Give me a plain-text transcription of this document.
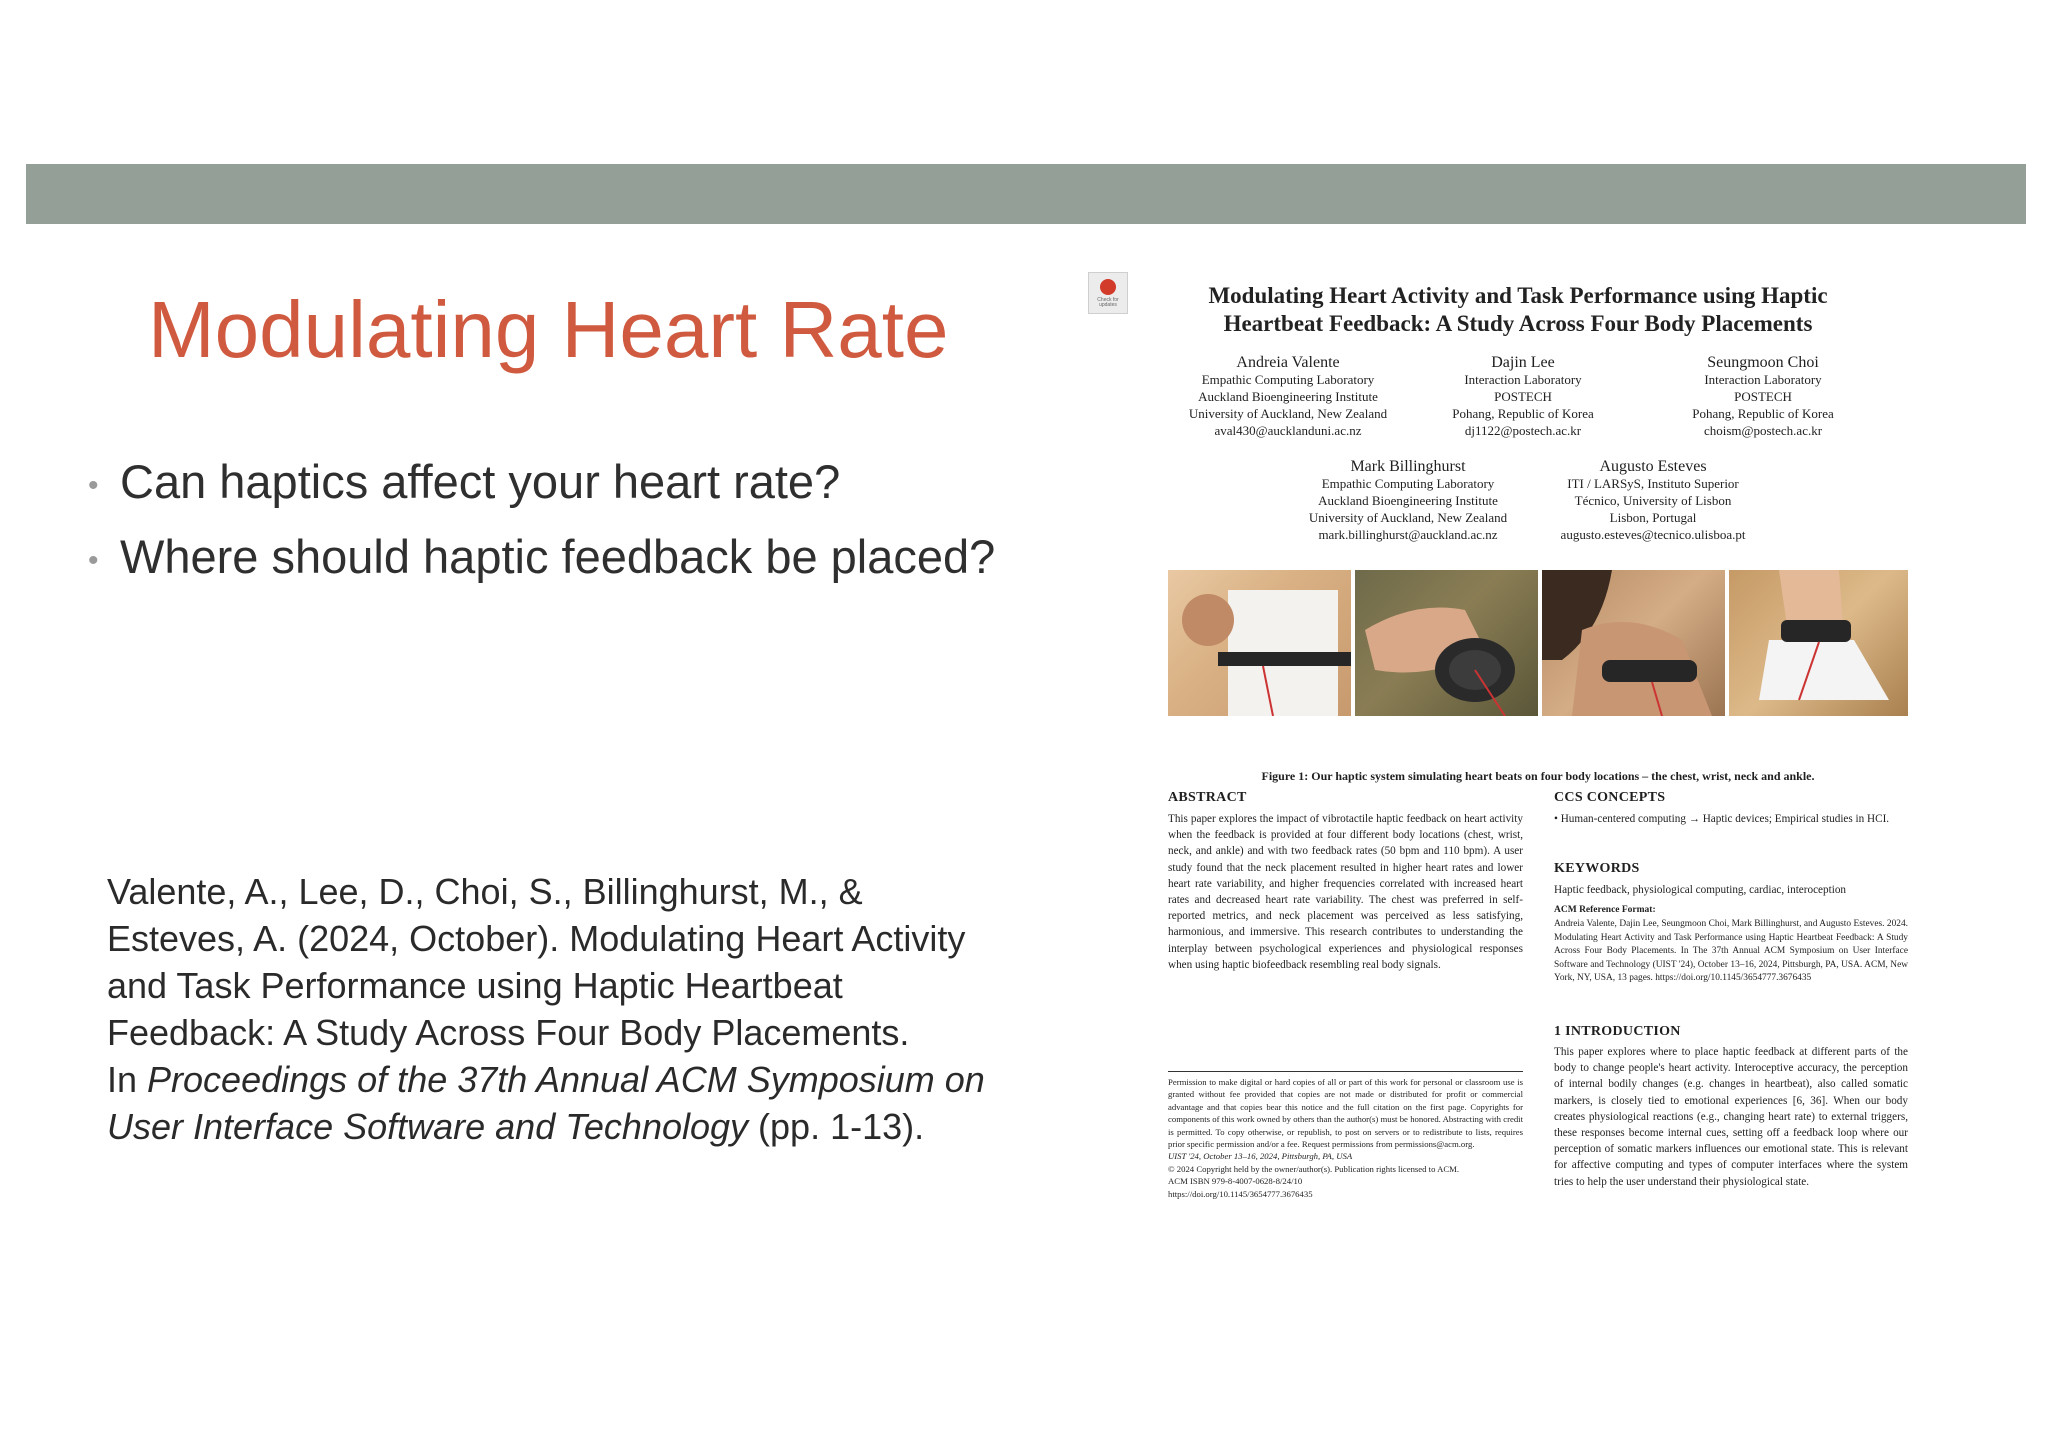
Modulating Heart Rate
• Can haptics affect your heart rate?
• Where should haptic feedback be placed?
Valente, A., Lee, D., Choi, S., Billinghurst, M., &
Esteves, A. (2024, October). Modulating Heart Activity
and Task Performance using Haptic Heartbeat
Feedback: A Study Across Four Body Placements.
In Proceedings of the 37th Annual ACM Symposium on
User Interface Software and Technology (pp. 1-13).
Check for updates	Modulating Heart Activity and Task Performance using Haptic
Heartbeat Feedback: A Study Across Four Body Placements
Andreia Valente
Empathic Computing Laboratory
Auckland Bioengineering Institute
University of Auckland, New Zealand
aval430@aucklanduni.ac.nz
Dajin Lee
Interaction Laboratory
POSTECH
Pohang, Republic of Korea
dj1122@postech.ac.kr
Seungmoon Choi
Interaction Laboratory
POSTECH
Pohang, Republic of Korea
choism@postech.ac.kr
Mark Billinghurst
Empathic Computing Laboratory
Auckland Bioengineering Institute
University of Auckland, New Zealand
mark.billinghurst@auckland.ac.nz
Augusto Esteves
ITI / LARSyS, Instituto Superior
Técnico, University of Lisbon
Lisbon, Portugal
augusto.esteves@tecnico.ulisboa.pt
Figure 1: Our haptic system simulating heart beats on four body locations – the chest, wrist, neck and ankle.
ABSTRACT
This paper explores the impact of vibrotactile haptic feedback on heart activity when the feedback is provided at four different body locations (chest, wrist, neck, and ankle) and with two feedback rates (50 bpm and 110 bpm). A user study found that the neck placement resulted in higher heart rates and lower heart rate variability, and higher frequencies correlated with increased heart rates and decreased heart rate variability. The chest was preferred in self-reported metrics, and neck placement was perceived as less satisfying, harmonious, and immersive. This research contributes to understanding the interplay between psychological experiences and physiological responses when using haptic biofeedback resembling real body signals.
Permission to make digital or hard copies of all or part of this work for personal or classroom use is granted without fee provided that copies are not made or distributed for profit or commercial advantage and that copies bear this notice and the full citation on the first page. Copyrights for components of this work owned by others than the author(s) must be honored. Abstracting with credit is permitted. To copy otherwise, or republish, to post on servers or to redistribute to lists, requires prior specific permission and/or a fee. Request permissions from permissions@acm.org.
UIST '24, October 13–16, 2024, Pittsburgh, PA, USA
© 2024 Copyright held by the owner/author(s). Publication rights licensed to ACM.
ACM ISBN 979-8-4007-0628-8/24/10
https://doi.org/10.1145/3654777.3676435
CCS CONCEPTS
• Human-centered computing → Haptic devices; Empirical studies in HCI.
KEYWORDS
Haptic feedback, physiological computing, cardiac, interoception
ACM Reference Format:
Andreia Valente, Dajin Lee, Seungmoon Choi, Mark Billinghurst, and Augusto Esteves. 2024. Modulating Heart Activity and Task Performance using Haptic Heartbeat Feedback: A Study Across Four Body Placements. In The 37th Annual ACM Symposium on User Interface Software and Technology (UIST '24), October 13–16, 2024, Pittsburgh, PA, USA. ACM, New York, NY, USA, 13 pages. https://doi.org/10.1145/3654777.3676435
1 INTRODUCTION
This paper explores where to place haptic feedback at different parts of the body to change people's heart activity. Interoceptive accuracy, the perception of internal bodily changes (e.g. changes in heartbeat), also called somatic markers, is closely tied to emotional experiences [6, 36]. When our body creates physiological reactions (e.g., changing heart rate) to external triggers, these responses become internal cues, setting off a feedback loop where our perception of somatic markers influences our emotional state. This is relevant for affective computing and types of computer interfaces where the system tries to help the user understand their physiological state.
